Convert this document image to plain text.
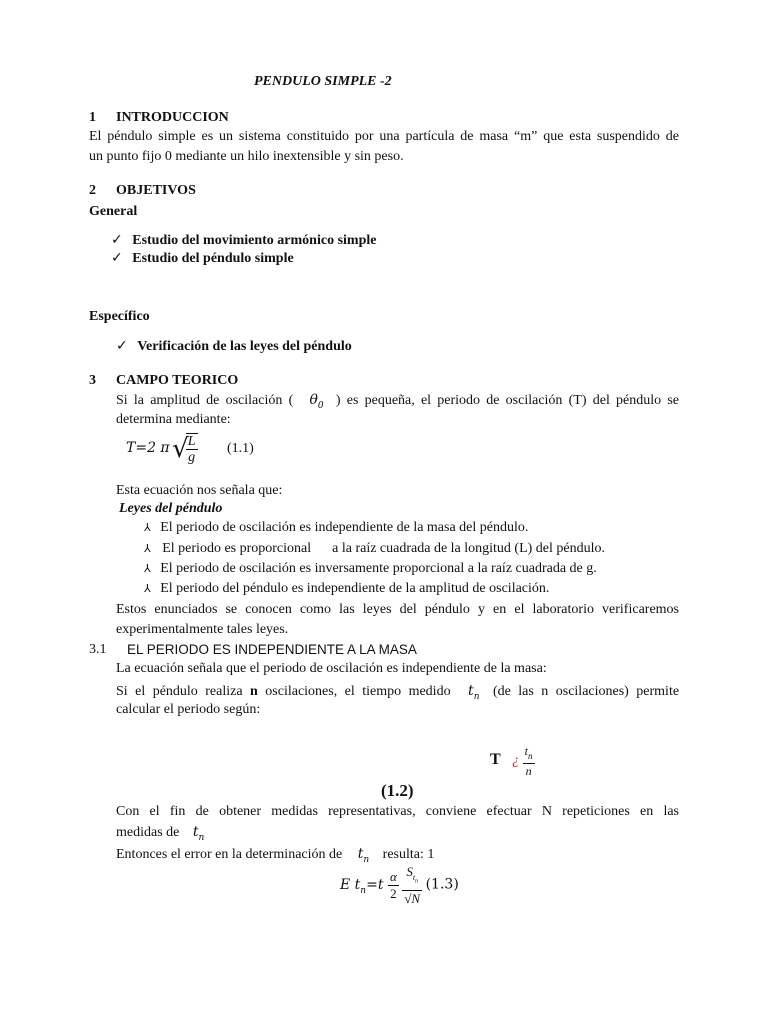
PENDULO SIMPLE -2
1 INTRODUCCION
El péndulo simple es un sistema constituido por una partícula de masa “m” que esta suspendido de
un punto fijo 0 mediante un hilo inextensible y sin peso.
2 OBJETIVOS
General
✓ Estudio del movimiento armónico simple
✓ Estudio del péndulo simple
Específico
✓ Verificación de las leyes del péndulo
3 CAMPO TEORICO
Si la amplitud de oscilación ( $\theta_0$ ) es pequeña, el periodo de oscilación (T) del péndulo se
determina mediante:
T=2 π √
$\frac{L}{g} (1.1)$
Esta ecuación nos señala que:
Leyes del péndulo
⅄ El periodo de oscilación es independiente de la masa del péndulo.
⅄ El periodo es proporcional      a la raíz cuadrada de la longitud (L) del péndulo.
⅄ El periodo de oscilación es inversamente proporcional a la raíz cuadrada de g.
⅄ El periodo del péndulo es independiente de la amplitud de oscilación.
Estos enunciados se conocen como las leyes del péndulo y en el laboratorio verificaremos
experimentalmente tales leyes.
3.1 EL PERIODO ES INDEPENDIENTE A LA MASA
La ecuación señala que el periodo de oscilación es independiente de la masa:
Si el péndulo realiza n oscilaciones, el tiempo medido $t_n$ (de las n oscilaciones) permite
calcular el periodo según:
T ¿ $\frac{t_n}{n}$
(1.2)
Con el fin de obtener medidas representativas, conviene efectuar N repeticiones en las
medidas de $t_n$
Entonces el error en la determinación de $t_n$ resulta: 1
E $t_n=t \frac{\alpha}{2}$
$\frac{S_{t_n}}{√N} (1.3)$
